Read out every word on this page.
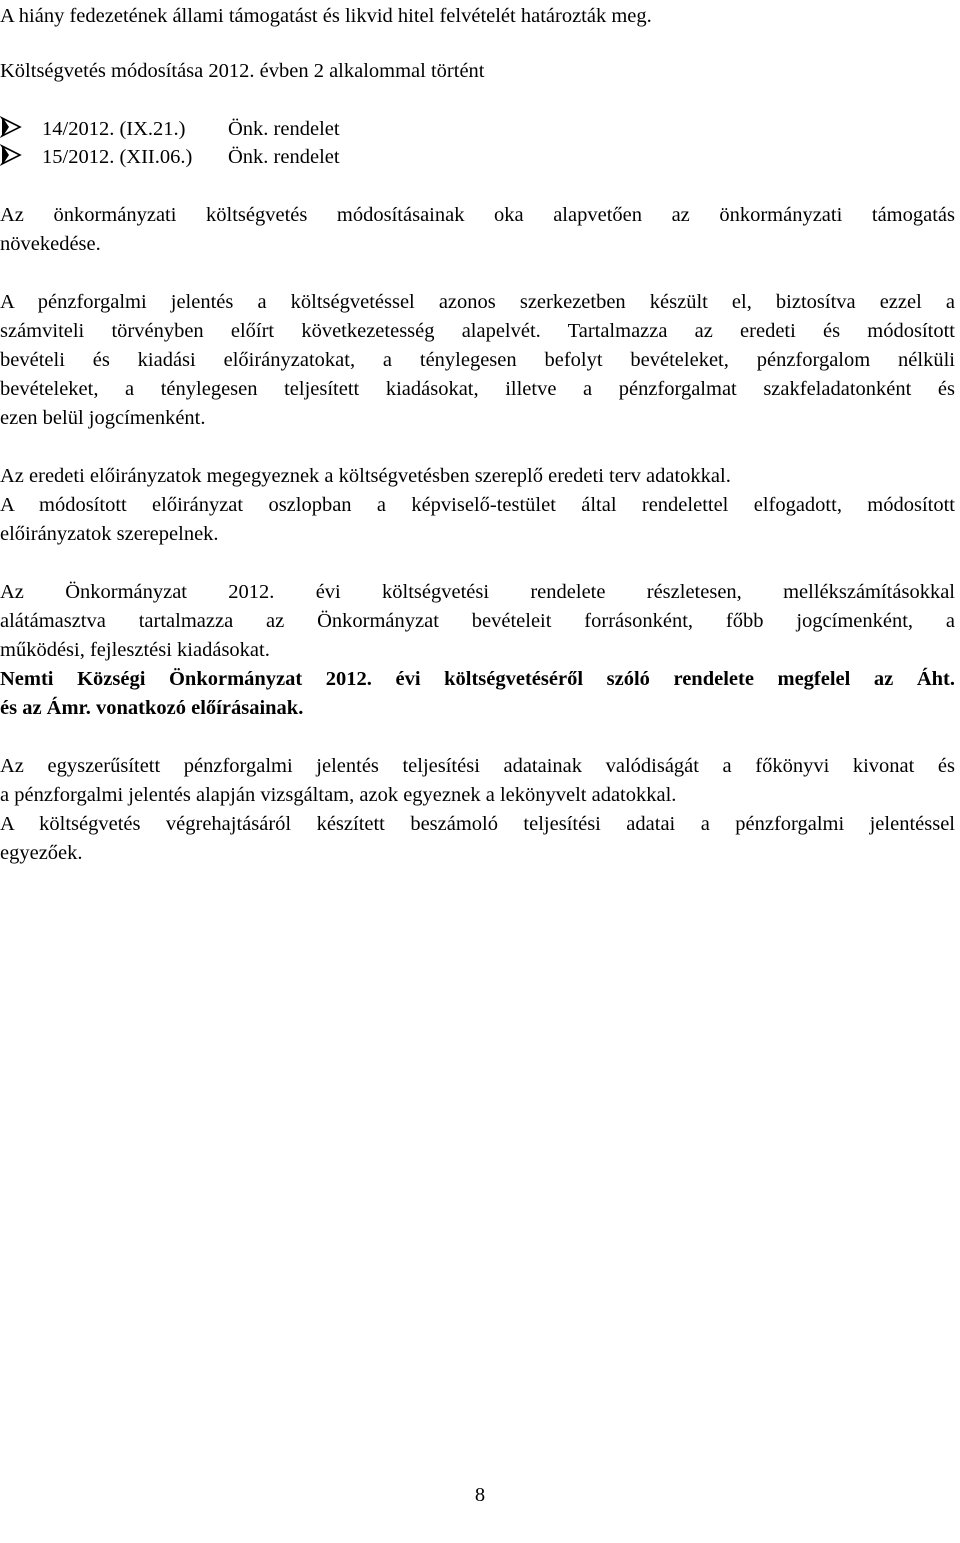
A hiány fedezetének állami támogatást és likvid hitel felvételét határozták meg.
Költségvetés módosítása 2012. évben 2 alkalommal történt
14/2012. (IX.21.) Önk. rendelet
15/2012. (XII.06.) Önk. rendelet
Az önkormányzati költségvetés módosításainak oka alapvetően az önkormányzati támogatás
növekedése.
A pénzforgalmi jelentés a költségvetéssel azonos szerkezetben készült el, biztosítva ezzel a
számviteli törvényben előírt következetesség alapelvét. Tartalmazza az eredeti és módosított
bevételi és kiadási előirányzatokat, a ténylegesen befolyt bevételeket, pénzforgalom nélküli
bevételeket, a ténylegesen teljesített kiadásokat, illetve a pénzforgalmat szakfeladatonként és
ezen belül jogcímenként.
Az eredeti előirányzatok megegyeznek a költségvetésben szereplő eredeti terv adatokkal.
A módosított előirányzat oszlopban a képviselő-testület által rendelettel elfogadott, módosított
előirányzatok szerepelnek.
Az Önkormányzat 2012. évi költségvetési rendelete részletesen, mellékszámításokkal
alátámasztva tartalmazza az Önkormányzat bevételeit forrásonként, főbb jogcímenként, a
működési, fejlesztési kiadásokat.
Nemti Községi Önkormányzat 2012. évi költségvetéséről szóló rendelete megfelel az Áht.
és az Ámr. vonatkozó előírásainak.
Az egyszerűsített pénzforgalmi jelentés teljesítési adatainak valódiságát a főkönyvi kivonat és
a pénzforgalmi jelentés alapján vizsgáltam, azok egyeznek a lekönyvelt adatokkal.
A költségvetés végrehajtásáról készített beszámoló teljesítési adatai a pénzforgalmi jelentéssel
egyezőek.
8
